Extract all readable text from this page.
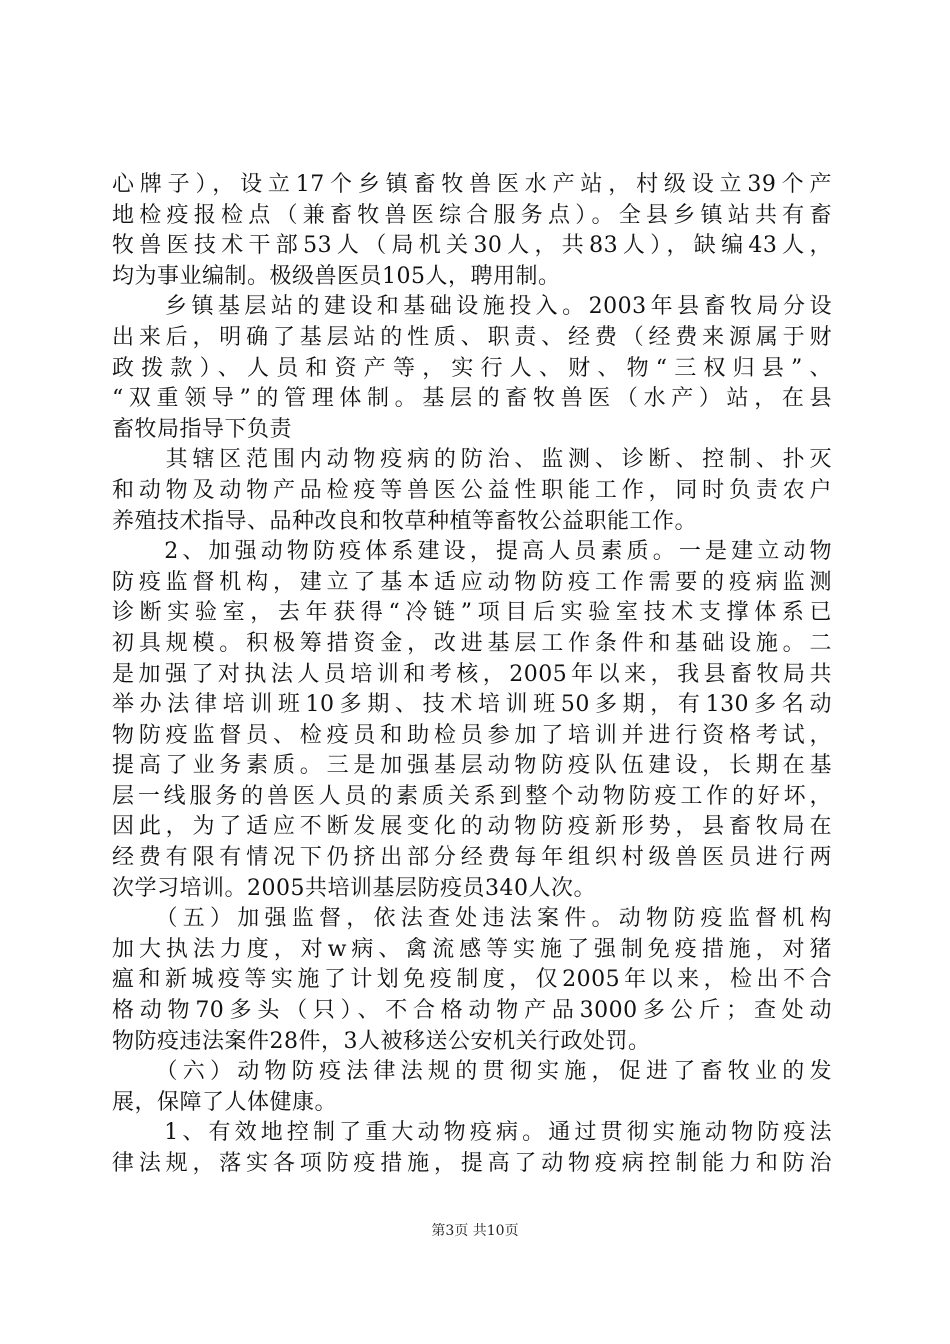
心牌子），设立17个乡镇畜牧兽医水产站，村级设立39个产
地检疫报检点（兼畜牧兽医综合服务点）。全县乡镇站共有畜
牧兽医技术干部53人（局机关30人，共83人），缺编43人，
均为事业编制。极级兽医员105人，聘用制。
　　乡镇基层站的建设和基础设施投入。2003年县畜牧局分设
出来后，明确了基层站的性质、职责、经费（经费来源属于财
政拨款）、人员和资产等，实行人、财、物“三权归县”、
“双重领导”的管理体制。基层的畜牧兽医（水产）站，在县
畜牧局指导下负责
　　其辖区范围内动物疫病的防治、监测、诊断、控制、扑灭
和动物及动物产品检疫等兽医公益性职能工作，同时负责农户
养殖技术指导、品种改良和牧草种植等畜牧公益职能工作。
　　2、加强动物防疫体系建设，提高人员素质。一是建立动物
防疫监督机构，建立了基本适应动物防疫工作需要的疫病监测
诊断实验室，去年获得“冷链”项目后实验室技术支撑体系已
初具规模。积极筹措资金，改进基层工作条件和基础设施。二
是加强了对执法人员培训和考核，2005年以来，我县畜牧局共
举办法律培训班10多期、技术培训班50多期，有130多名动
物防疫监督员、检疫员和助检员参加了培训并进行资格考试，
提高了业务素质。三是加强基层动物防疫队伍建设，长期在基
层一线服务的兽医人员的素质关系到整个动物防疫工作的好坏，
因此，为了适应不断发展变化的动物防疫新形势，县畜牧局在
经费有限有情况下仍挤出部分经费每年组织村级兽医员进行两
次学习培训。2005共培训基层防疫员340人次。
　　（五）加强监督，依法查处违法案件。动物防疫监督机构
加大执法力度，对w病、禽流感等实施了强制免疫措施，对猪
瘟和新城疫等实施了计划免疫制度，仅2005年以来，检出不合
格动物70多头（只）、不合格动物产品3000多公斤；查处动
物防疫违法案件28件，3人被移送公安机关行政处罚。
　　（六）动物防疫法律法规的贯彻实施，促进了畜牧业的发
展，保障了人体健康。
　　1、有效地控制了重大动物疫病。通过贯彻实施动物防疫法
律法规，落实各项防疫措施，提高了动物疫病控制能力和防治
第3页 共10页
